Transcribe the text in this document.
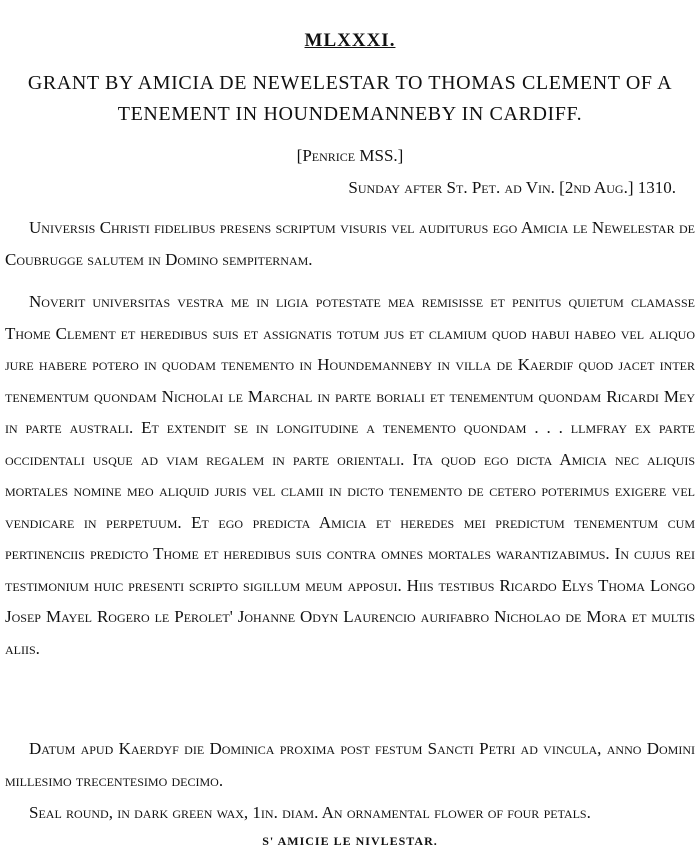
MLXXXI.
GRANT BY AMICIA DE NEWELESTAR TO THOMAS CLEMENT OF A TENEMENT IN HOUNDEMANNEBY IN CARDIFF.
[Penrice MSS.]
Sunday after St. Pet. ad Vin. [2nd Aug.] 1310.
Universis Christi fidelibus presens scriptum visuris vel auditurus ego Amicia le Newelestar de Coubrugge salutem in Domino sempiternam.
Noverit universitas vestra me in ligia potestate mea remisisse et penitus quietum clamasse Thome Clement et heredibus suis et assignatis totum jus et clamium quod habui habeo vel aliquo jure habere potero in quodam tenemento in Houndemanneby in villa de Kaerdif quod jacet inter tenementum quondam Nicholai le Marchal in parte boriali et tenementum quondam Ricardi Mey in parte australi. Et extendit se in longitudine a tenemento quondam . . . llmfray ex parte occidentali usque ad viam regalem in parte orientali. Ita quod ego dicta Amicia nec aliquis mortales nomine meo aliquid juris vel clamii in dicto tenemento de cetero poterimus exigere vel vendicare in perpetuum. Et ego predicta Amicia et heredes mei predictum tenementum cum pertinenciis predicto Thome et heredibus suis contra omnes mortales warantizabimus. In cujus rei testimonium huic presenti scripto sigillum meum apposui. Hiis testibus Ricardo Elys Thoma Longo Josep Mayel Rogero le Perolet' Johanne Odyn Laurencio aurifabro Nicholao de Mora et multis aliis.
Datum apud Kaerdyf die Dominica proxima post festum Sancti Petri ad vincula, anno Domini millesimo trecentesimo decimo.
Seal round, in dark green wax, 1in. diam. An ornamental flower of four petals.
S' AMICIE LE NIVLESTAR.
